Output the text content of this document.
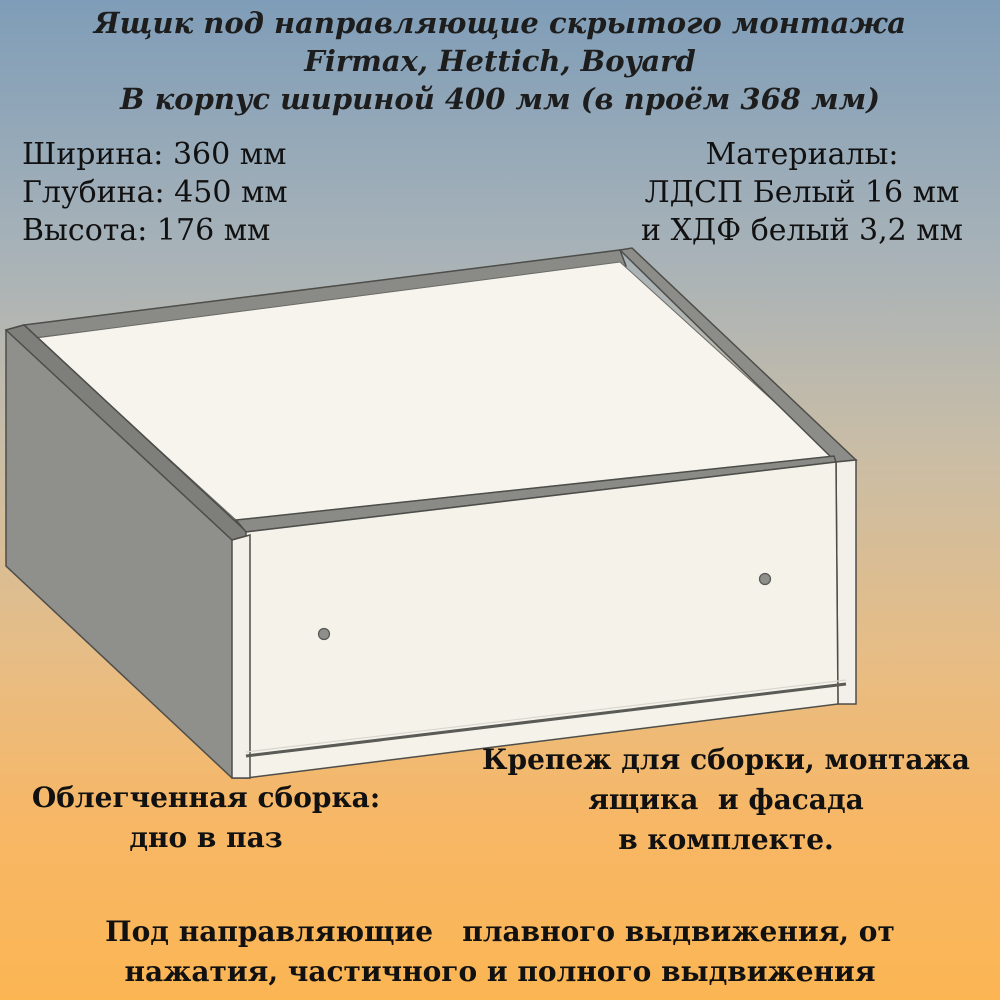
Ящик под направляющие скрытого монтажа
Firmax, Hettich, Boyard
В корпус шириной 400 мм (в проём 368 мм)
Ширина: 360 мм
Глубина: 450 мм
Высота: 176 мм
Материалы:
ЛДСП Белый 16 мм
и ХДФ белый 3,2 мм
Облегченная сборка:
дно в паз
Крепеж для сборки, монтажа
ящика  и фасада
в комплекте.
Под направляющие   плавного выдвижения, от
нажатия, частичного и полного выдвижения
